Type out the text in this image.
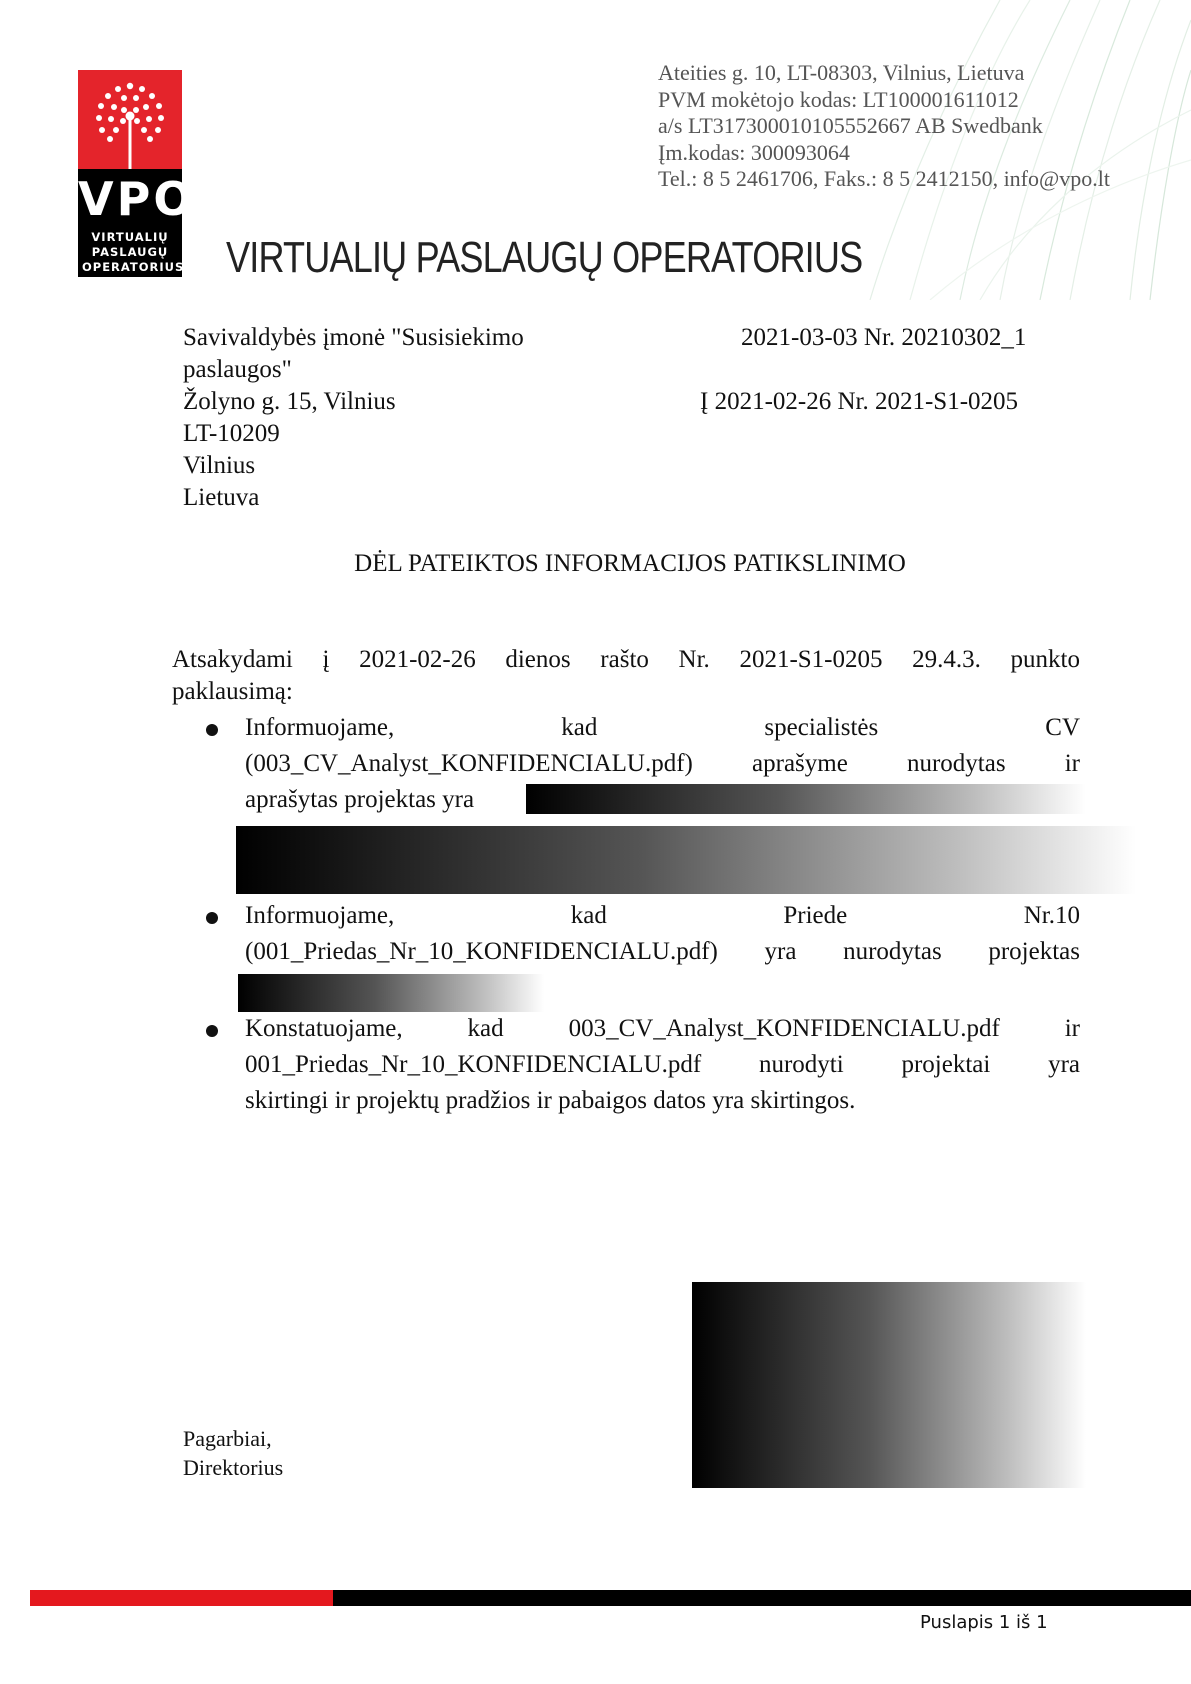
VPO
VIRTUALIŲ
PASLAUGŲ
OPERATORIUS VIRTUALIŲ PASLAUGŲ OPERATORIUS
Ateities g. 10, LT-08303, Vilnius, Lietuva
PVM mokėtojo kodas: LT100001611012
a/s LT317300010105552667 AB Swedbank
Įm.kodas: 300093064
Tel.: 8 5 2461706, Faks.: 8 5 2412150, info@vpo.lt
Savivaldybės įmonė "Susisiekimo
paslaugos"
Žolyno g. 15, Vilnius
LT-10209
Vilnius
Lietuva
2021-03-03 Nr. 20210302_1
Į 2021-02-26 Nr. 2021-S1-0205
DĖL PATEIKTOS INFORMACIJOS PATIKSLINIMO
Atsakydami į 2021-02-26 dienos rašto Nr. 2021-S1-0205 29.4.3. punkto
paklausimą:
Informuojame, kad specialistės CV
(003_CV_Analyst_KONFIDENCIALU.pdf) aprašyme nurodytas ir
aprašytas projektas yra
Informuojame, kad Priede Nr.10
(001_Priedas_Nr_10_KONFIDENCIALU.pdf) yra nurodytas projektas
Konstatuojame, kad 003_CV_Analyst_KONFIDENCIALU.pdf ir
001_Priedas_Nr_10_KONFIDENCIALU.pdf nurodyti projektai yra
skirtingi ir projektų pradžios ir pabaigos datos yra skirtingos.
Pagarbiai,
Direktorius
Puslapis 1 iš 1
